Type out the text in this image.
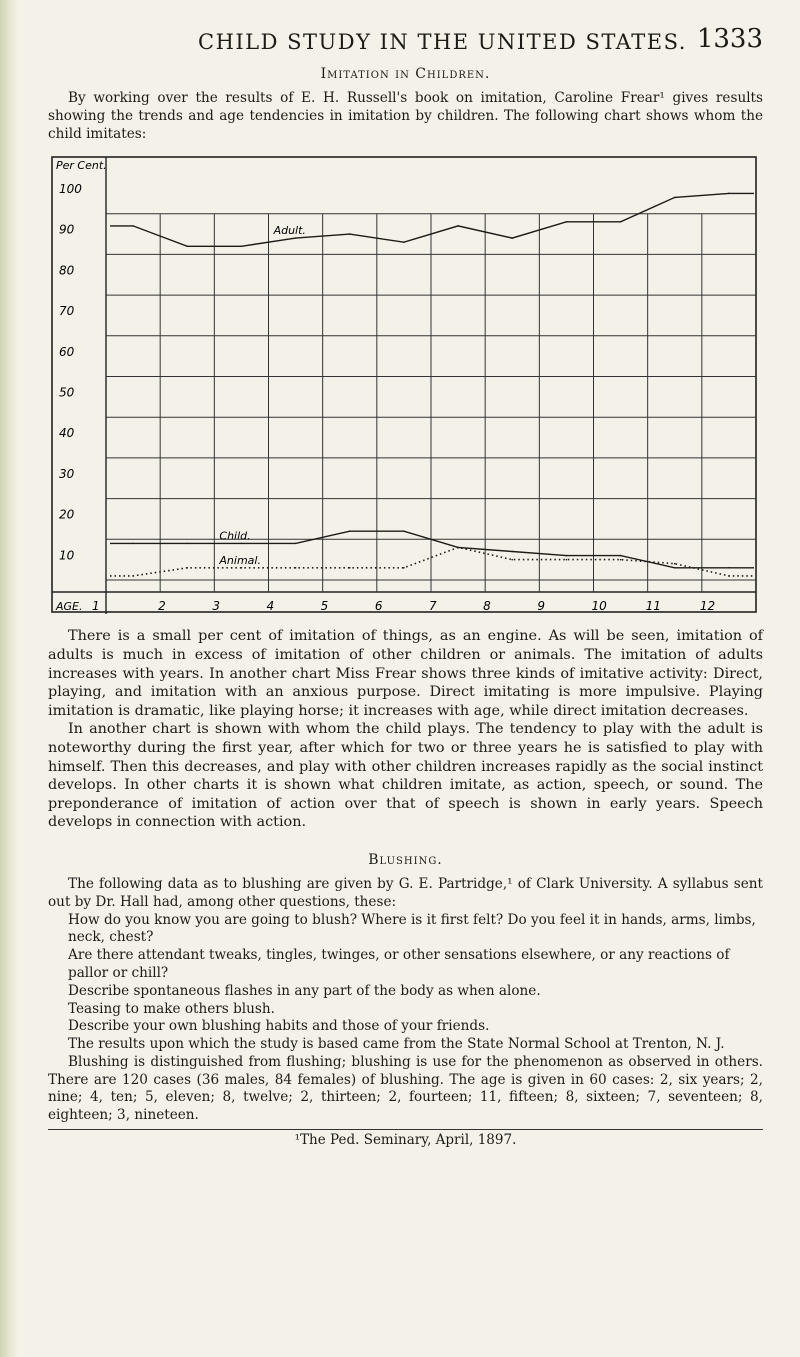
CHILD STUDY IN THE UNITED STATES. 1333
Imitation in Children.

By working over the results of E. H. Russell's book on imitation, Caroline Frear¹ gives results showing the trends and age tendencies in imitation by children. The following chart shows whom the child imitates:

Per Cent.
100
90
80
70
60
50
40
30
20
10
AGE. 1	2	3	4	5	6	7	8	9	10	11	12
Adult.
Child.
Animal.

There is a small per cent of imitation of things, as an engine. As will be seen, imitation of adults is much in excess of imitation of other children or animals. The imitation of adults increases with years. In another chart Miss Frear shows three kinds of imitative activity: Direct, playing, and imitation with an anxious purpose. Direct imitating is more impulsive. Playing imitation is dramatic, like playing horse; it increases with age, while direct imitation decreases.

In another chart is shown with whom the child plays. The tendency to play with the adult is noteworthy during the first year, after which for two or three years he is satisfied to play with himself. Then this decreases, and play with other children increases rapidly as the social instinct develops. In other charts it is shown what children imitate, as action, speech, or sound. The preponderance of imitation of action over that of speech is shown in early years. Speech develops in connection with action.

Blushing.

The following data as to blushing are given by G. E. Partridge,¹ of Clark University. A syllabus sent out by Dr. Hall had, among other questions, these:

How do you know you are going to blush? Where is it first felt? Do you feel it in hands, arms, limbs, neck, chest?

Are there attendant tweaks, tingles, twinges, or other sensations elsewhere, or any reactions of pallor or chill?

Describe spontaneous flashes in any part of the body as when alone.

Teasing to make others blush.

Describe your own blushing habits and those of your friends.

The results upon which the study is based came from the State Normal School at Trenton, N. J.

Blushing is distinguished from flushing; blushing is use for the phenomenon as observed in others. There are 120 cases (36 males, 84 females) of blushing. The age is given in 60 cases: 2, six years; 2, nine; 4, ten; 5, eleven; 8, twelve; 2, thirteen; 2, fourteen; 11, fifteen; 8, sixteen; 7, seventeen; 8, eighteen; 3, nineteen.

¹The Ped. Seminary, April, 1897.
